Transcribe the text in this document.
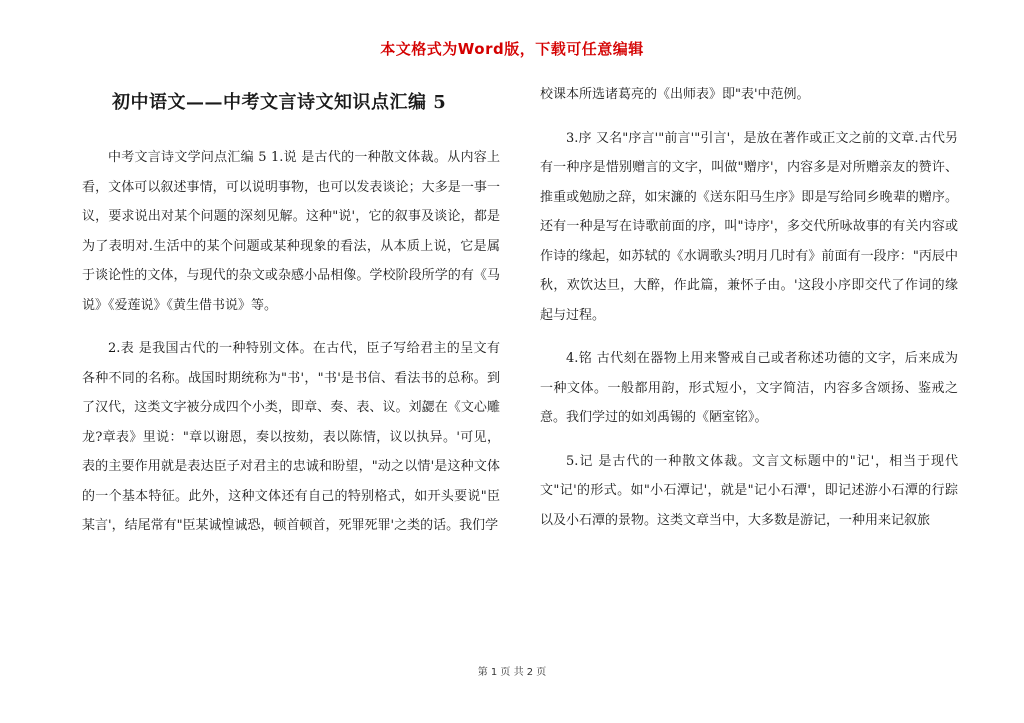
本文格式为Word版，下载可任意编辑
初中语文——中考文言诗文知识点汇编 5

中考文言诗文学问点汇编 5 1.说 是古代的一种散文体裁。从内容上看，文体可以叙述事情，可以说明事物，也可以发表谈论；大多是一事一议，要求说出对某个问题的深刻见解。这种"说'，它的叙事及谈论，都是为了表明对.生活中的某个问题或某种现象的看法，从本质上说，它是属于谈论性的文体，与现代的杂文或杂感小品相像。学校阶段所学的有《马说》《爱莲说》《黄生借书说》等。

2.表 是我国古代的一种特别文体。在古代，臣子写给君主的呈文有各种不同的名称。战国时期统称为"书'，"书'是书信、看法书的总称。到了汉代，这类文字被分成四个小类，即章、奏、表、议。刘勰在《文心雕龙?章表》里说："章以谢恩，奏以按劾，表以陈情，议以执异。'可见，表的主要作用就是表达臣子对君主的忠诚和盼望，"动之以情'是这种文体的一个基本特征。此外，这种文体还有自己的特别格式，如开头要说"臣某言'，结尾常有"臣某诚惶诚恐，顿首顿首，死罪死罪'之类的话。我们学

校课本所选诸葛亮的《出师表》即"表'中范例。

3.序 又名"序言'"前言'"引言'，是放在著作或正文之前的文章.古代另有一种序是惜别赠言的文字，叫做"赠序'，内容多是对所赠亲友的赞许、推重或勉励之辞，如宋濂的《送东阳马生序》即是写给同乡晚辈的赠序。还有一种是写在诗歌前面的序，叫"诗序'，多交代所咏故事的有关内容或作诗的缘起，如苏轼的《水调歌头?明月几时有》前面有一段序："丙辰中秋，欢饮达旦，大醉，作此篇，兼怀子由。'这段小序即交代了作词的缘起与过程。

4.铭 古代刻在器物上用来警戒自己或者称述功德的文字，后来成为一种文体。一般都用韵，形式短小，文字简洁，内容多含颂扬、鉴戒之意。我们学过的如刘禹锡的《陋室铭》。

5.记 是古代的一种散文体裁。文言文标题中的"记'，相当于现代文"记'的形式。如"小石潭记'，就是"记小石潭'，即记述游小石潭的行踪以及小石潭的景物。这类文章当中，大多数是游记，一种用来记叙旅

第 1 页 共 2 页
